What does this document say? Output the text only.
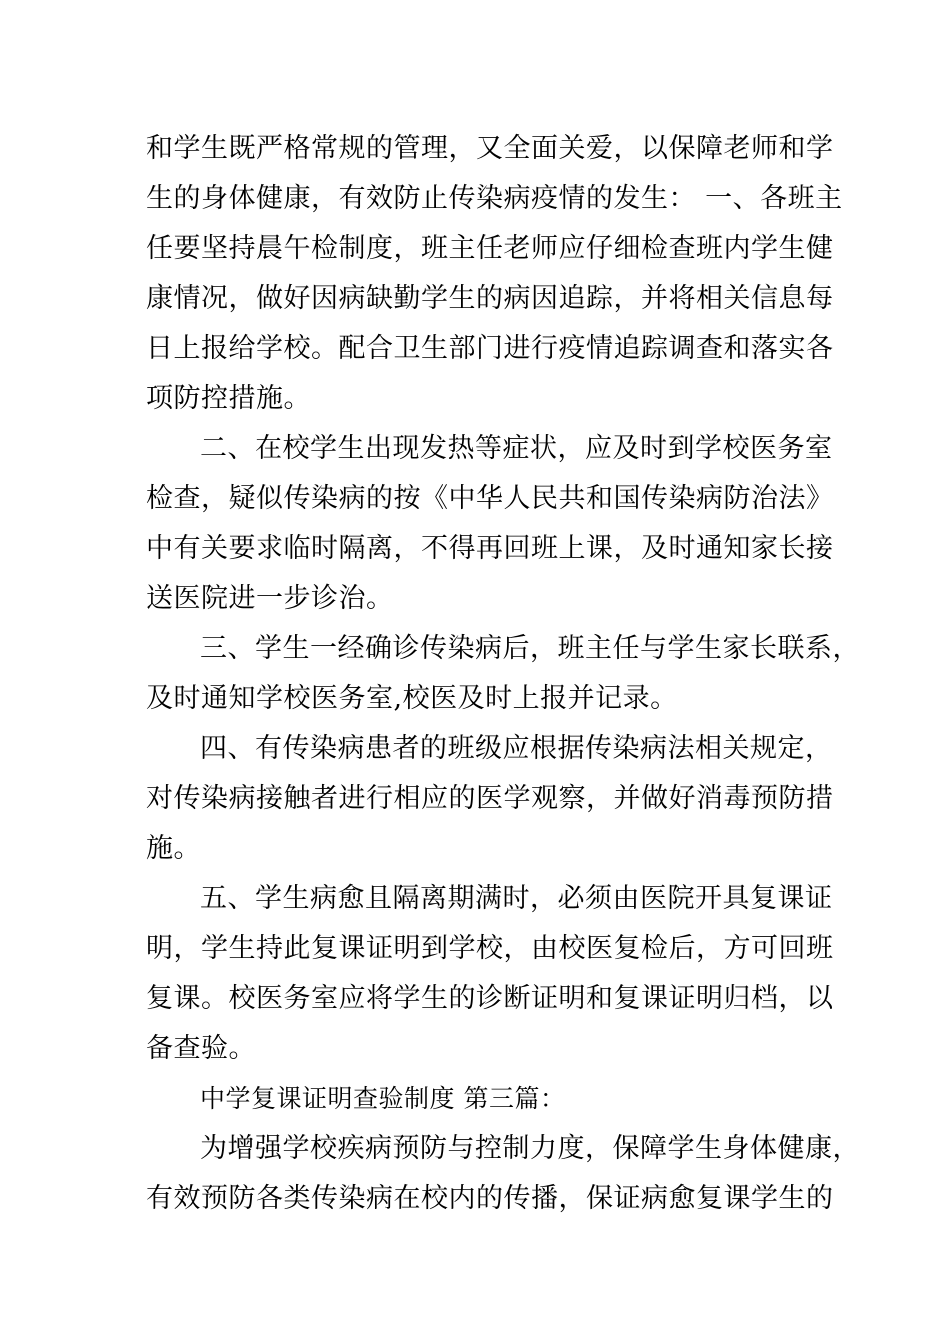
和学生既严格常规的管理，又全面关爱，以保障老师和学
生的身体健康，有效防止传染病疫情的发生： 一、各班主
任要坚持晨午检制度，班主任老师应仔细检查班内学生健
康情况，做好因病缺勤学生的病因追踪，并将相关信息每
日上报给学校。配合卫生部门进行疫情追踪调查和落实各
项防控措施。
二、在校学生出现发热等症状，应及时到学校医务室
检查，疑似传染病的按《中华人民共和国传染病防治法》
中有关要求临时隔离，不得再回班上课，及时通知家长接
送医院进一步诊治。
三、学生一经确诊传染病后，班主任与学生家长联系，
及时通知学校医务室,校医及时上报并记录。
四、有传染病患者的班级应根据传染病法相关规定，
对传染病接触者进行相应的医学观察，并做好消毒预防措
施。
五、学生病愈且隔离期满时，必须由医院开具复课证
明，学生持此复课证明到学校，由校医复检后，方可回班
复课。校医务室应将学生的诊断证明和复课证明归档，以
备查验。
中学复课证明查验制度 第三篇：
为增强学校疾病预防与控制力度，保障学生身体健康，
有效预防各类传染病在校内的传播，保证病愈复课学生的
